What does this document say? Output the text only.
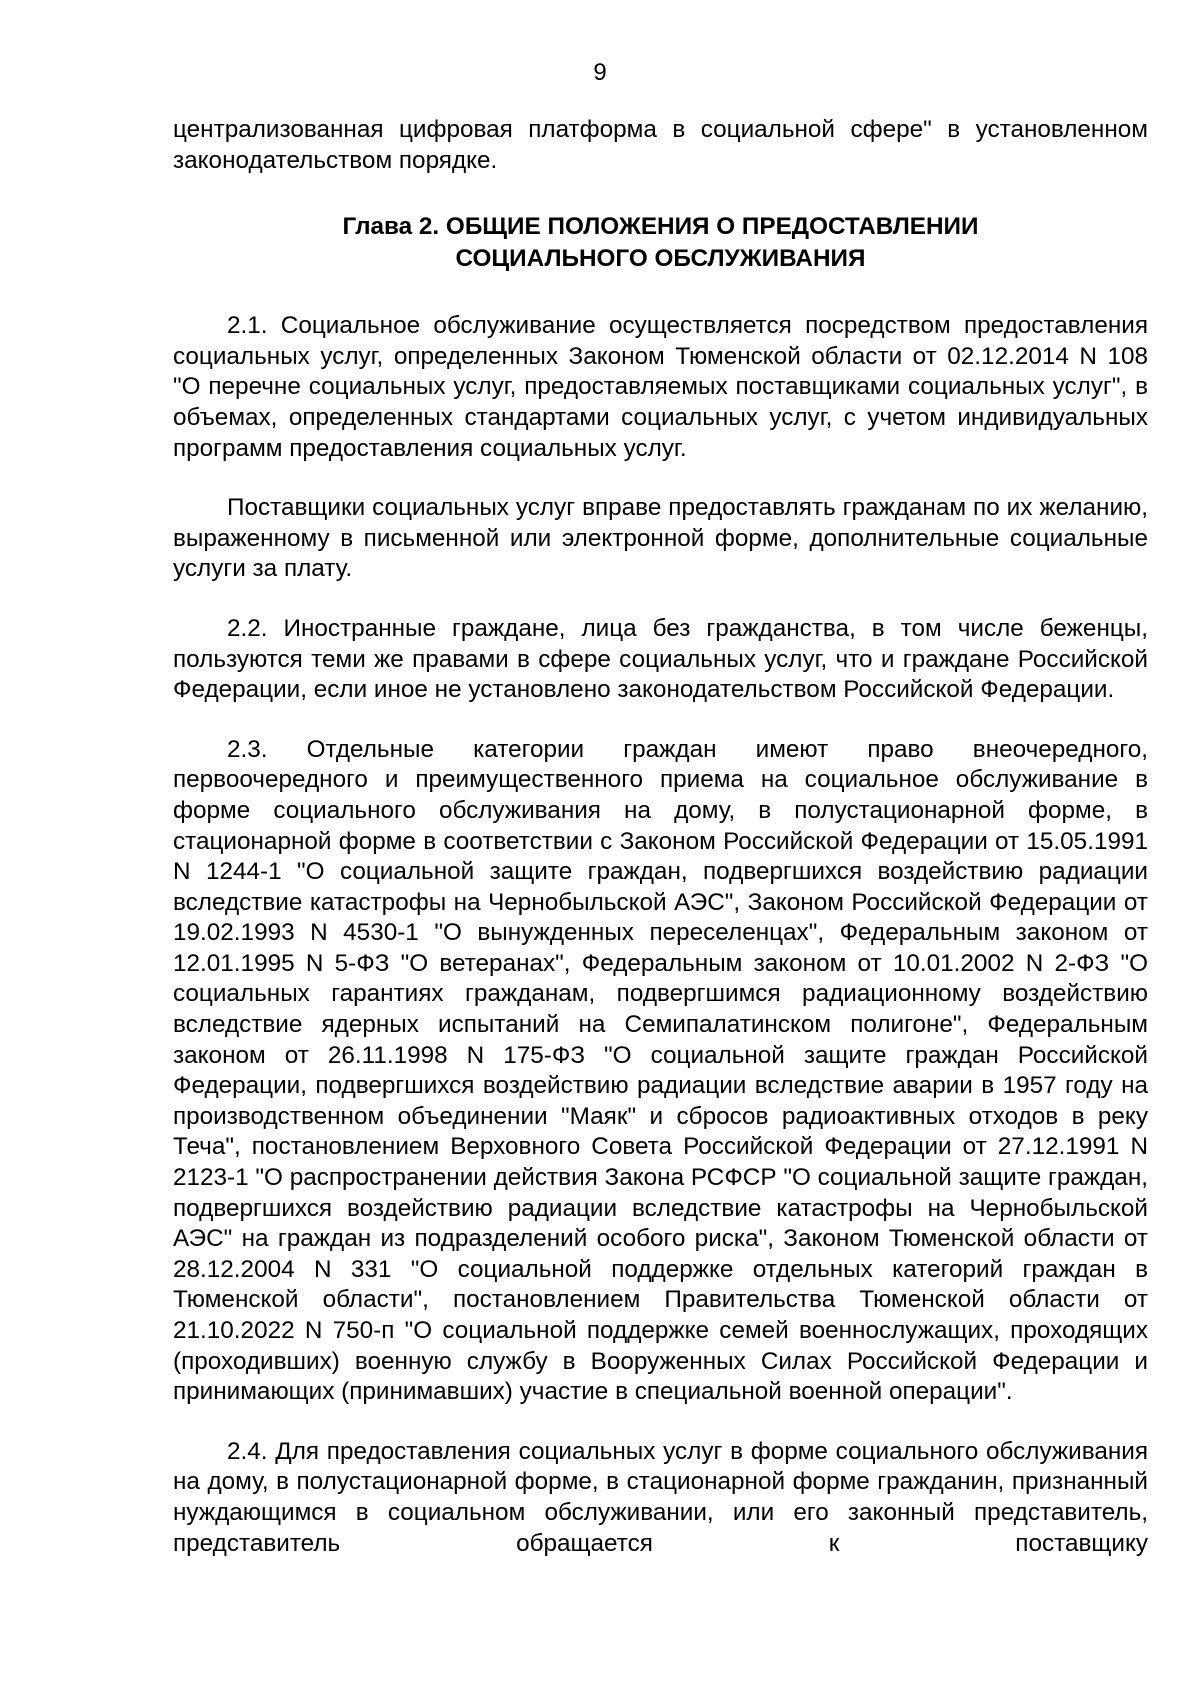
9

централизованная цифровая платформа в социальной сфере" в установленном законодательством порядке.

Глава 2. ОБЩИЕ ПОЛОЖЕНИЯ О ПРЕДОСТАВЛЕНИИ
СОЦИАЛЬНОГО ОБСЛУЖИВАНИЯ

2.1. Социальное обслуживание осуществляется посредством предоставления социальных услуг, определенных Законом Тюменской области от 02.12.2014 N 108 "О перечне социальных услуг, предоставляемых поставщиками социальных услуг", в объемах, определенных стандартами социальных услуг, с учетом индивидуальных программ предоставления социальных услуг.

Поставщики социальных услуг вправе предоставлять гражданам по их желанию, выраженному в письменной или электронной форме, дополнительные социальные услуги за плату.

2.2. Иностранные граждане, лица без гражданства, в том числе беженцы, пользуются теми же правами в сфере социальных услуг, что и граждане Российской Федерации, если иное не установлено законодательством Российской Федерации.

2.3. Отдельные категории граждан имеют право внеочередного, первоочередного и преимущественного приема на социальное обслуживание в форме социального обслуживания на дому, в полустационарной форме, в стационарной форме в соответствии с Законом Российской Федерации от 15.05.1991 N 1244-1 "О социальной защите граждан, подвергшихся воздействию радиации вследствие катастрофы на Чернобыльской АЭС", Законом Российской Федерации от 19.02.1993 N 4530-1 "О вынужденных переселенцах", Федеральным законом от 12.01.1995 N 5-ФЗ "О ветеранах", Федеральным законом от 10.01.2002 N 2-ФЗ "О социальных гарантиях гражданам, подвергшимся радиационному воздействию вследствие ядерных испытаний на Семипалатинском полигоне", Федеральным законом от 26.11.1998 N 175-ФЗ "О социальной защите граждан Российской Федерации, подвергшихся воздействию радиации вследствие аварии в 1957 году на производственном объединении "Маяк" и сбросов радиоактивных отходов в реку Теча", постановлением Верховного Совета Российской Федерации от 27.12.1991 N 2123-1 "О распространении действия Закона РСФСР "О социальной защите граждан, подвергшихся воздействию радиации вследствие катастрофы на Чернобыльской АЭС" на граждан из подразделений особого риска", Законом Тюменской области от 28.12.2004 N 331 "О социальной поддержке отдельных категорий граждан в Тюменской области", постановлением Правительства Тюменской области от 21.10.2022 N 750-п "О социальной поддержке семей военнослужащих, проходящих (проходивших) военную службу в Вооруженных Силах Российской Федерации и принимающих (принимавших) участие в специальной военной операции".

2.4. Для предоставления социальных услуг в форме социального обслуживания на дому, в полустационарной форме, в стационарной форме гражданин, признанный нуждающимся в социальном обслуживании, или его законный представитель, представитель обращается к поставщику
